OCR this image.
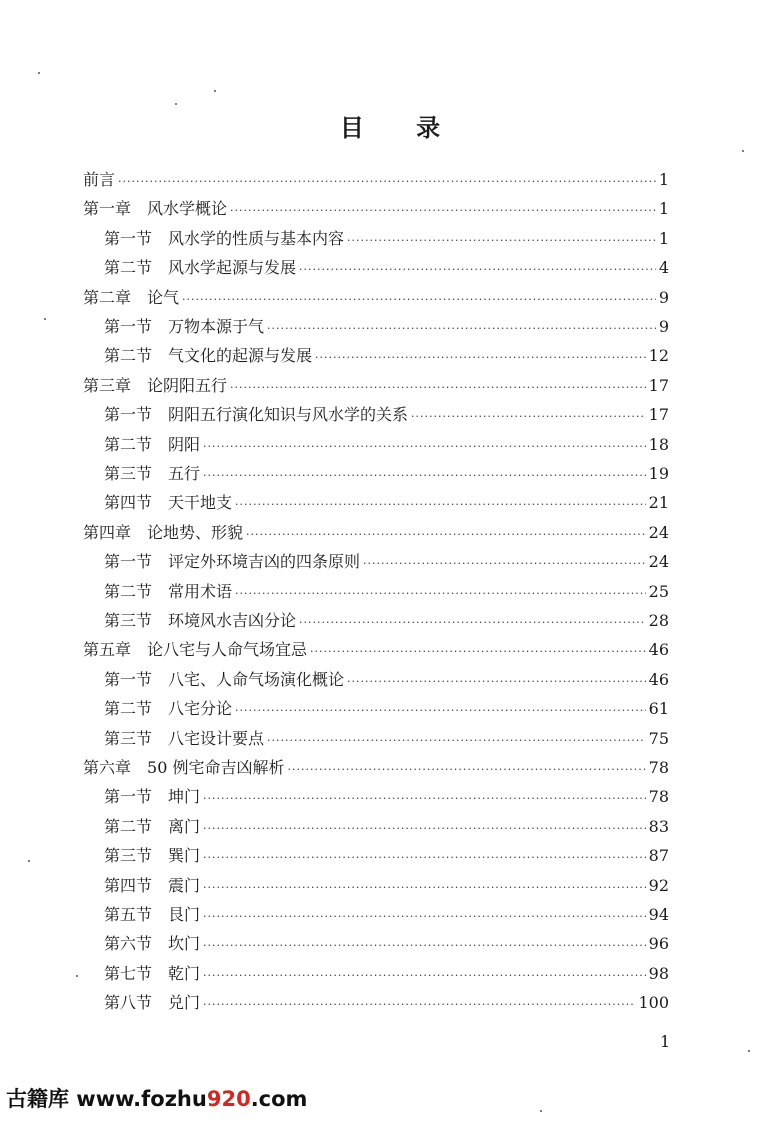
目 录
前言 ·····	1
第一章 风水学概论 ·····	1
第一节 风水学的性质与基本内容 ·····	1
第二节 风水学起源与发展 ·····	4
第二章 论气 ·····	9
第一节 万物本源于气 ·····	9
第二节 气文化的起源与发展 ·····	12
第三章 论阴阳五行 ·····	17
第一节 阴阳五行演化知识与风水学的关系 ·····	17
第二节 阴阳 ·····	18
第三节 五行 ·····	19
第四节 天干地支 ·····	21
第四章 论地势、形貌 ·····	24
第一节 评定外环境吉凶的四条原则 ·····	24
第二节 常用术语 ·····	25
第三节 环境风水吉凶分论 ·····	28
第五章 论八宅与人命气场宜忌 ·····	46
第一节 八宅、人命气场演化概论 ·····	46
第二节 八宅分论 ·····	61
第三节 八宅设计要点 ·····	75
第六章 50 例宅命吉凶解析 ·····	78
第一节 坤门 ·····	78
第二节 离门 ·····	83
第三节 巽门 ·····	87
第四节 震门 ·····	92
第五节 艮门 ·····	94
第六节 坎门 ·····	96
第七节 乾门 ·····	98
第八节 兑门 ·····	100
1
古籍库 www.fozhu920.com
